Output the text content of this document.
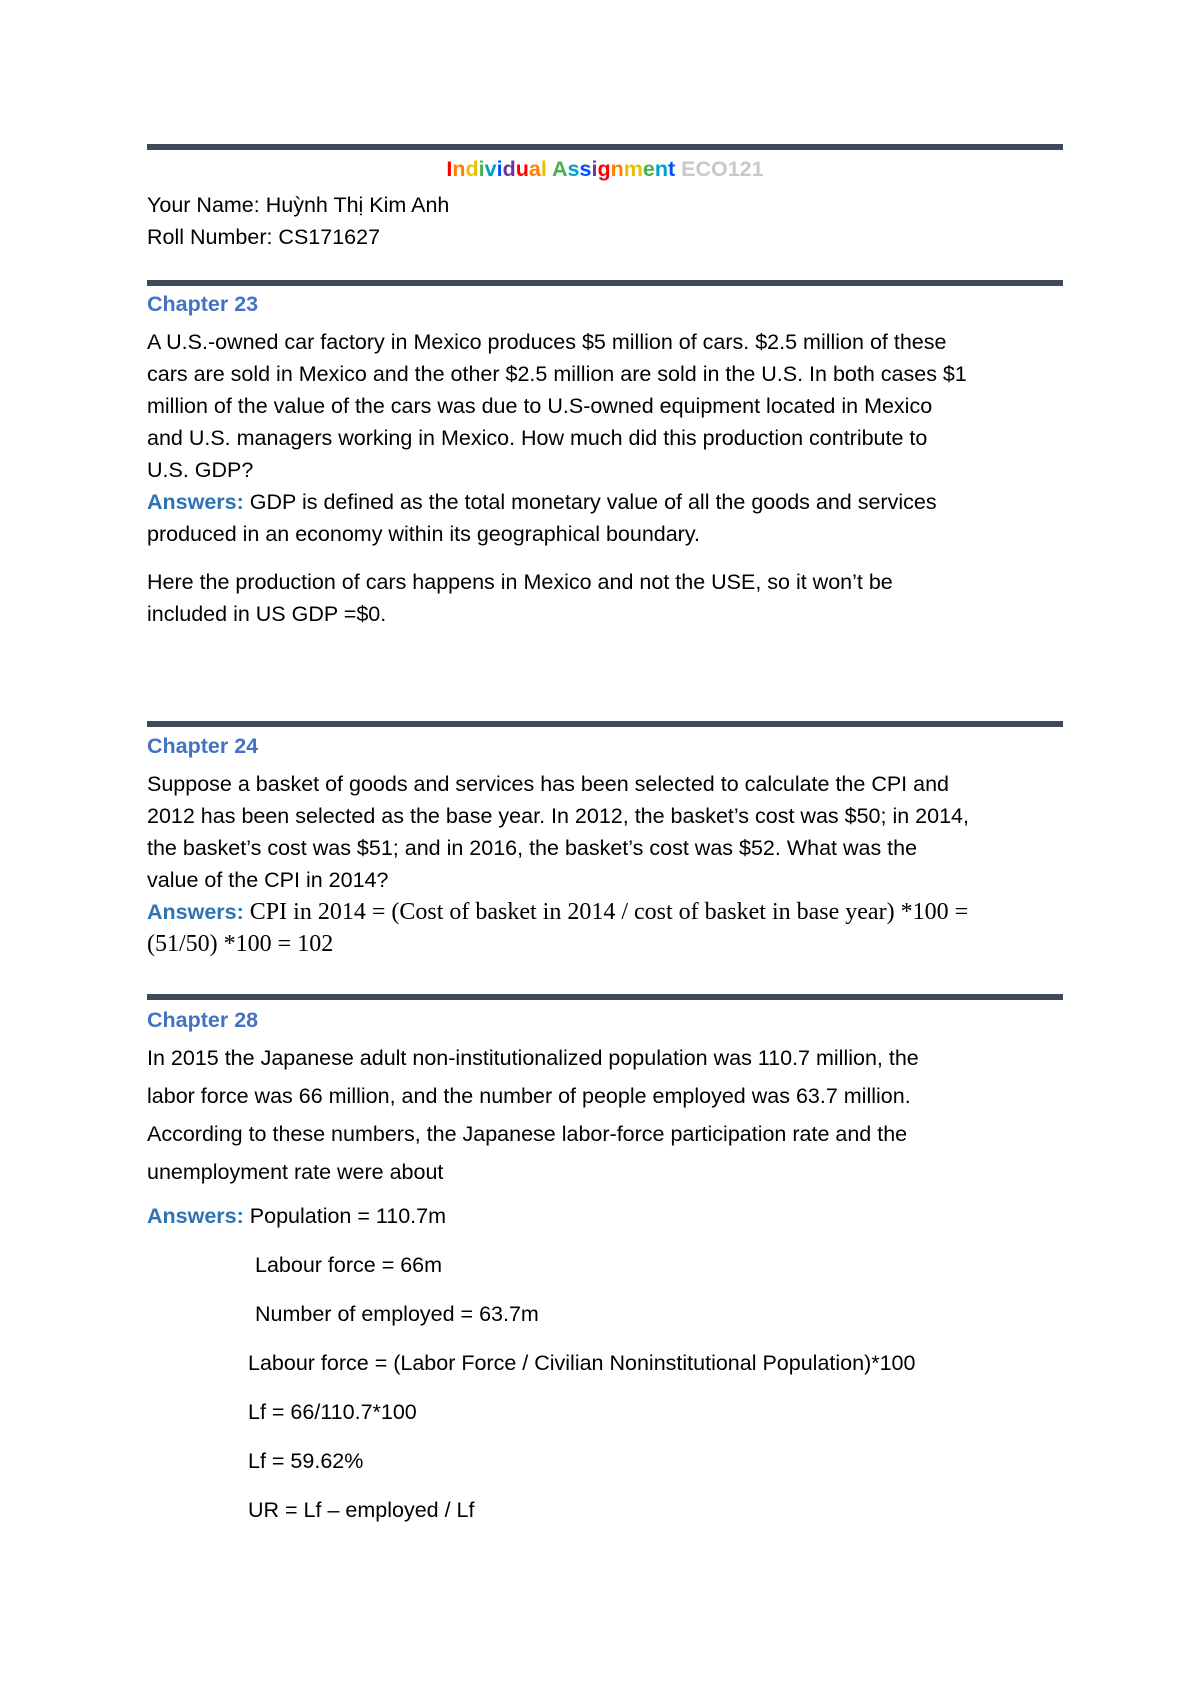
Individual Assignment ECO121
Your Name: Huỳnh Thị Kim Anh
Roll Number: CS171627
Chapter 23
A U.S.-owned car factory in Mexico produces $5 million of cars. $2.5 million of these
cars are sold in Mexico and the other $2.5 million are sold in the U.S. In both cases $1
million of the value of the cars was due to U.S-owned equipment located in Mexico
and U.S. managers working in Mexico. How much did this production contribute to
U.S. GDP?
Answers: GDP is defined as the total monetary value of all the goods and services
produced in an economy within its geographical boundary.
Here the production of cars happens in Mexico and not the USE, so it won’t be
included in US GDP =$0.
Chapter 24
Suppose a basket of goods and services has been selected to calculate the CPI and
2012 has been selected as the base year. In 2012, the basket’s cost was $50; in 2014,
the basket’s cost was $51; and in 2016, the basket’s cost was $52. What was the
value of the CPI in 2014?
Answers: CPI in 2014 = (Cost of basket in 2014 / cost of basket in base year) *100 =
(51/50) *100 = 102
Chapter 28
In 2015 the Japanese adult non-institutionalized population was 110.7 million, the
labor force was 66 million, and the number of people employed was 63.7 million.
According to these numbers, the Japanese labor-force participation rate and the
unemployment rate were about
Answers: Population = 110.7m
Labour force = 66m
Number of employed = 63.7m
Labour force = (Labor Force / Civilian Noninstitutional Population)*100
Lf = 66/110.7*100
Lf = 59.62%
UR = Lf – employed / Lf
